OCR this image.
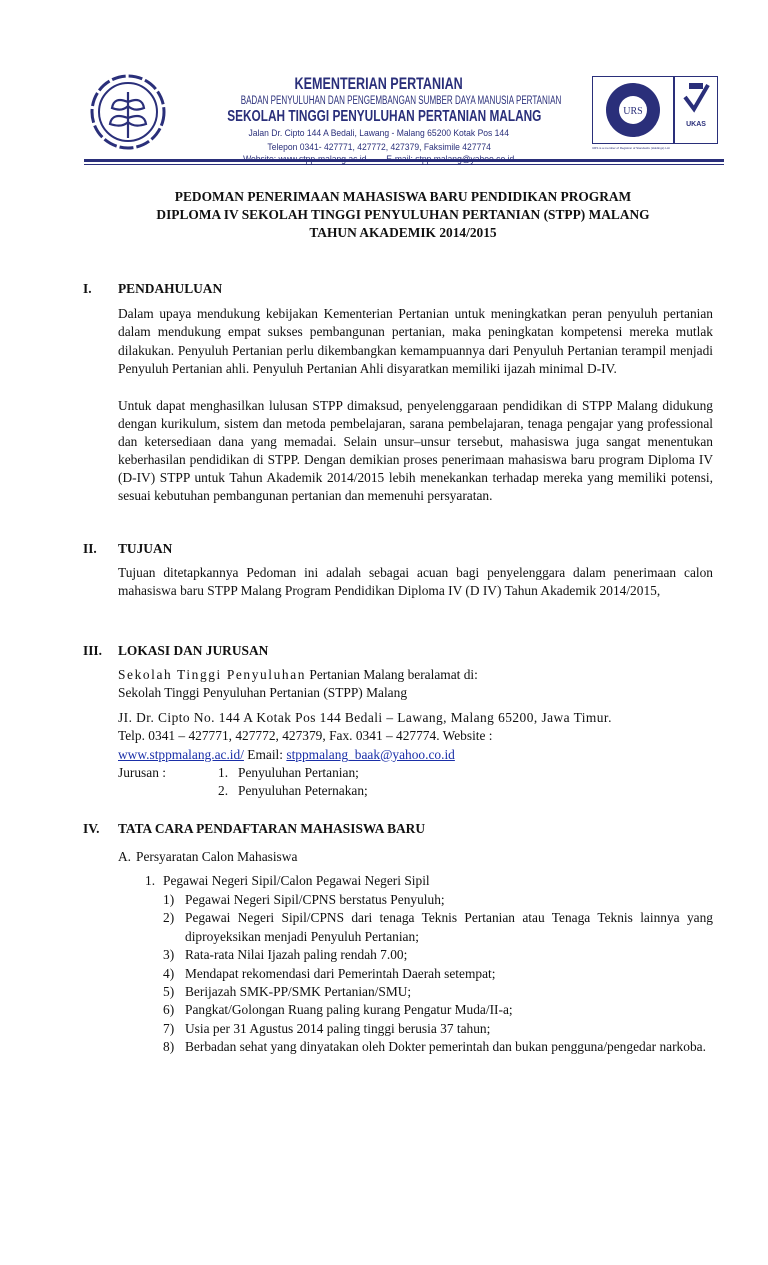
KEMENTERIAN PERTANIAN
BADAN PENYULUHAN DAN PENGEMBANGAN SUMBER DAYA MANUSIA PERTANIAN
SEKOLAH TINGGI PENYULUHAN PERTANIAN MALANG
Jalan Dr. Cipto 144 A Bedali, Lawang - Malang 65200 Kotak Pos 144
Telepon 0341- 427771, 427772, 427379, Faksimile 427774
URS
UKAS
URS is a member of Registrar of Standards (Holdings) Ltd.
PEDOMAN PENERIMAAN MAHASISWA BARU PENDIDIKAN PROGRAM
DIPLOMA IV SEKOLAH TINGGI PENYULUHAN PERTANIAN (STPP) MALANG
TAHUN AKADEMIK 2014/2015
I. PENDAHULUAN
Dalam upaya mendukung kebijakan Kementerian Pertanian untuk meningkatkan peran penyuluh pertanian dalam mendukung empat sukses pembangunan pertanian, maka peningkatan kompetensi mereka mutlak dilakukan. Penyuluh Pertanian perlu dikembangkan kemampuannya dari Penyuluh Pertanian terampil menjadi Penyuluh Pertanian ahli. Penyuluh Pertanian Ahli disyaratkan memiliki ijazah minimal D-IV.
Untuk dapat menghasilkan lulusan STPP dimaksud, penyelenggaraan pendidikan di STPP Malang didukung dengan kurikulum, sistem dan metoda pembelajaran, sarana pembelajaran, tenaga pengajar yang professional dan ketersediaan dana yang memadai. Selain unsur–unsur tersebut, mahasiswa juga sangat menentukan keberhasilan pendidikan di STPP. Dengan demikian proses penerimaan mahasiswa baru program Diploma IV (D-IV) STPP untuk Tahun Akademik 2014/2015 lebih menekankan terhadap mereka yang memiliki potensi, sesuai kebutuhan pembangunan pertanian dan memenuhi persyaratan.
II. TUJUAN
Tujuan ditetapkannya Pedoman ini adalah sebagai acuan bagi penyelenggara dalam penerimaan calon mahasiswa baru STPP Malang Program Pendidikan Diploma IV (D IV) Tahun Akademik 2014/2015,
III. LOKASI DAN JURUSAN
Sekolah Tinggi Penyuluhan Pertanian Malang beralamat di:
Sekolah Tinggi Penyuluhan Pertanian (STPP) Malang
JI. Dr. Cipto No. 144 A Kotak Pos 144 Bedali – Lawang, Malang 65200, Jawa Timur.
Telp. 0341 – 427771, 427772, 427379, Fax. 0341 – 427774. Website :
www.stppmalang.ac.id/ Email: stppmalang_baak@yahoo.co.id
Jurusan :	1. Penyuluhan Pertanian;
2. Penyuluhan Peternakan;
IV. TATA CARA PENDAFTARAN MAHASISWA BARU
A. Persyaratan Calon Mahasiswa
1. Pegawai Negeri Sipil/Calon Pegawai Negeri Sipil
1) Pegawai Negeri Sipil/CPNS berstatus Penyuluh;
2) Pegawai Negeri Sipil/CPNS dari tenaga Teknis Pertanian atau Tenaga Teknis lainnya yang diproyeksikan menjadi Penyuluh Pertanian;
3) Rata-rata Nilai Ijazah paling rendah 7.00;
4) Mendapat rekomendasi dari Pemerintah Daerah setempat;
5) Berijazah SMK-PP/SMK Pertanian/SMU;
6) Pangkat/Golongan Ruang paling kurang Pengatur Muda/II-a;
7) Usia per 31 Agustus 2014 paling tinggi berusia 37 tahun;
8) Berbadan sehat yang dinyatakan oleh Dokter pemerintah dan bukan pengguna/pengedar narkoba.
